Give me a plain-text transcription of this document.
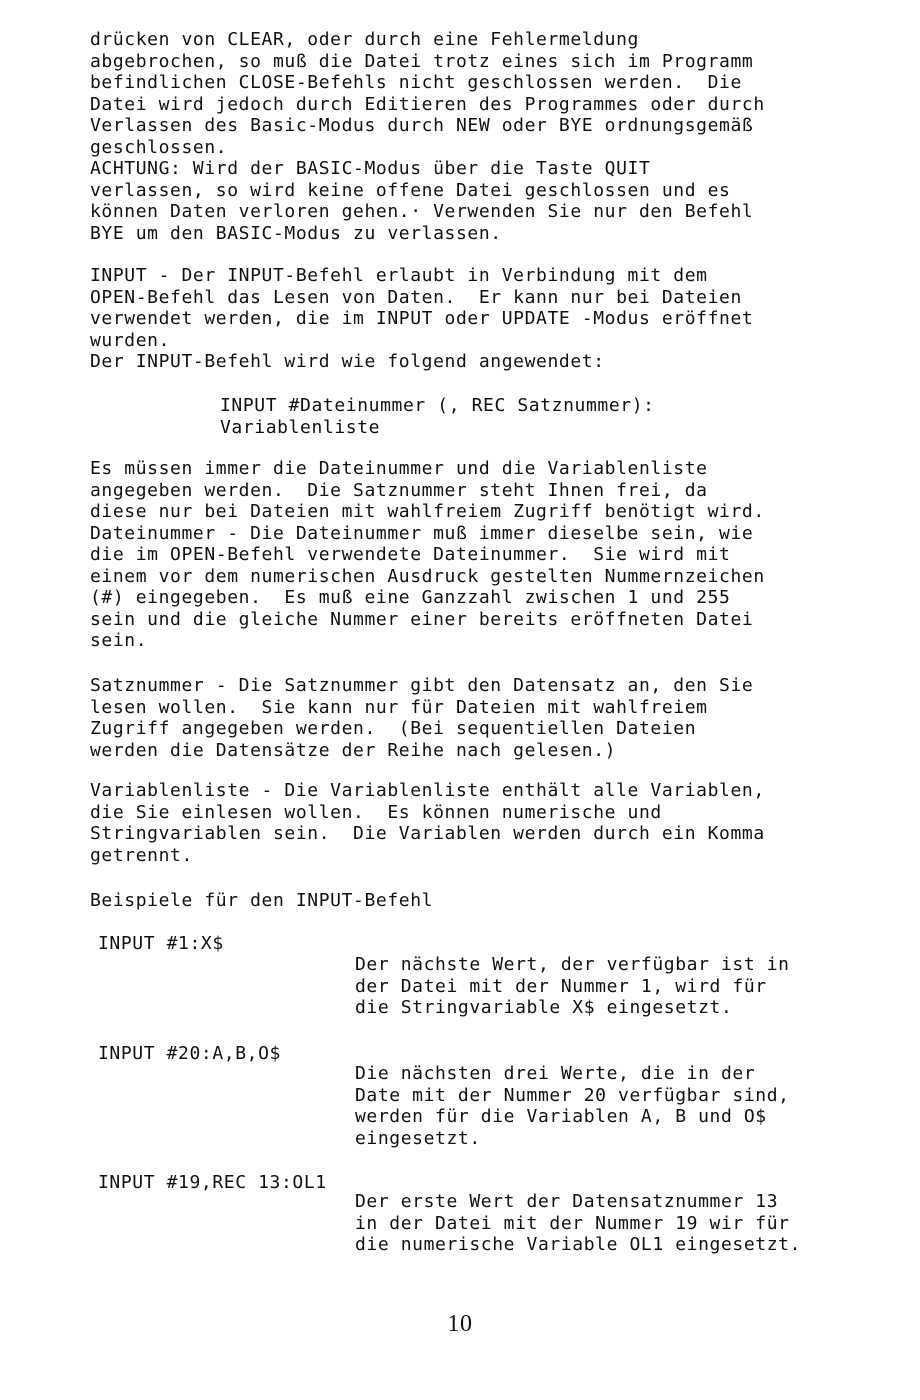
drücken von CLEAR, oder durch eine Fehlermeldung
abgebrochen, so muß die Datei trotz eines sich im Programm
befindlichen CLOSE-Befehls nicht geschlossen werden.  Die
Datei wird jedoch durch Editieren des Programmes oder durch
Verlassen des Basic-Modus durch NEW oder BYE ordnungsgemäß
geschlossen.
ACHTUNG: Wird der BASIC-Modus über die Taste QUIT
verlassen, so wird keine offene Datei geschlossen und es
können Daten verloren gehen.· Verwenden Sie nur den Befehl
BYE um den BASIC-Modus zu verlassen.
INPUT - Der INPUT-Befehl erlaubt in Verbindung mit dem
OPEN-Befehl das Lesen von Daten.  Er kann nur bei Dateien
verwendet werden, die im INPUT oder UPDATE -Modus eröffnet
wurden.
Der INPUT-Befehl wird wie folgend angewendet:
INPUT #Dateinummer (, REC Satznummer):
Variablenliste
Es müssen immer die Dateinummer und die Variablenliste
angegeben werden.  Die Satznummer steht Ihnen frei, da
diese nur bei Dateien mit wahlfreiem Zugriff benötigt wird.
Dateinummer - Die Dateinummer muß immer dieselbe sein, wie
die im OPEN-Befehl verwendete Dateinummer.  Sie wird mit
einem vor dem numerischen Ausdruck gestelten Nummernzeichen
(#) eingegeben.  Es muß eine Ganzzahl zwischen 1 und 255
sein und die gleiche Nummer einer bereits eröffneten Datei
sein.
Satznummer - Die Satznummer gibt den Datensatz an, den Sie
lesen wollen.  Sie kann nur für Dateien mit wahlfreiem
Zugriff angegeben werden.  (Bei sequentiellen Dateien
werden die Datensätze der Reihe nach gelesen.)
Variablenliste - Die Variablenliste enthält alle Variablen,
die Sie einlesen wollen.  Es können numerische und
Stringvariablen sein.  Die Variablen werden durch ein Komma
getrennt.
Beispiele für den INPUT-Befehl
INPUT #1:X$
Der nächste Wert, der verfügbar ist in
der Datei mit der Nummer 1, wird für
die Stringvariable X$ eingesetzt.
INPUT #20:A,B,O$
Die nächsten drei Werte, die in der
Date mit der Nummer 20 verfügbar sind,
werden für die Variablen A, B und O$
eingesetzt.
INPUT #19,REC 13:OL1
Der erste Wert der Datensatznummer 13
in der Datei mit der Nummer 19 wir für
die numerische Variable OL1 eingesetzt.
10
